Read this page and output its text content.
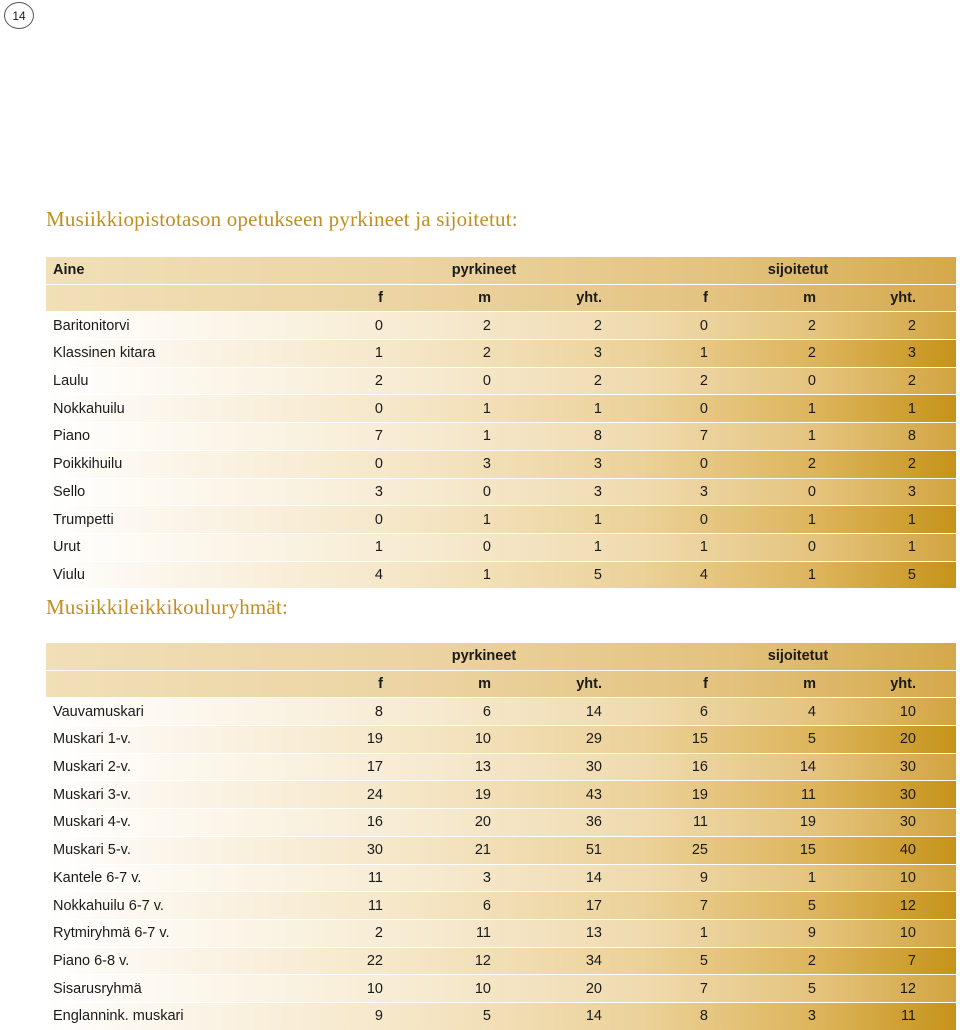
14
Musiikkiopistotason opetukseen pyrkineet ja sijoitetut:
Aine	pyrkineet	sijoitetut
f	m	yht.	f	m	yht.
Baritonitorvi	0	2	2	0	2	2
Klassinen kitara	1	2	3	1	2	3
Laulu	2	0	2	2	0	2
Nokkahuilu	0	1	1	0	1	1
Piano	7	1	8	7	1	8
Poikkihuilu	0	3	3	0	2	2
Sello	3	0	3	3	0	3
Trumpetti	0	1	1	0	1	1
Urut	1	0	1	1	0	1
Viulu	4	1	5	4	1	5
Musiikkileikkikouluryhmät:
pyrkineet	sijoitetut
f	m	yht.	f	m	yht.
Vauvamuskari	8	6	14	6	4	10
Muskari 1-v.	19	10	29	15	5	20
Muskari 2-v.	17	13	30	16	14	30
Muskari 3-v.	24	19	43	19	11	30
Muskari 4-v.	16	20	36	11	19	30
Muskari 5-v.	30	21	51	25	15	40
Kantele 6-7 v.	11	3	14	9	1	10
Nokkahuilu 6-7 v.	11	6	17	7	5	12
Rytmiryhmä 6-7 v.	2	11	13	1	9	10
Piano 6-8 v.	22	12	34	5	2	7
Sisarusryhmä	10	10	20	7	5	12
Englannink. muskari	9	5	14	8	3	11
